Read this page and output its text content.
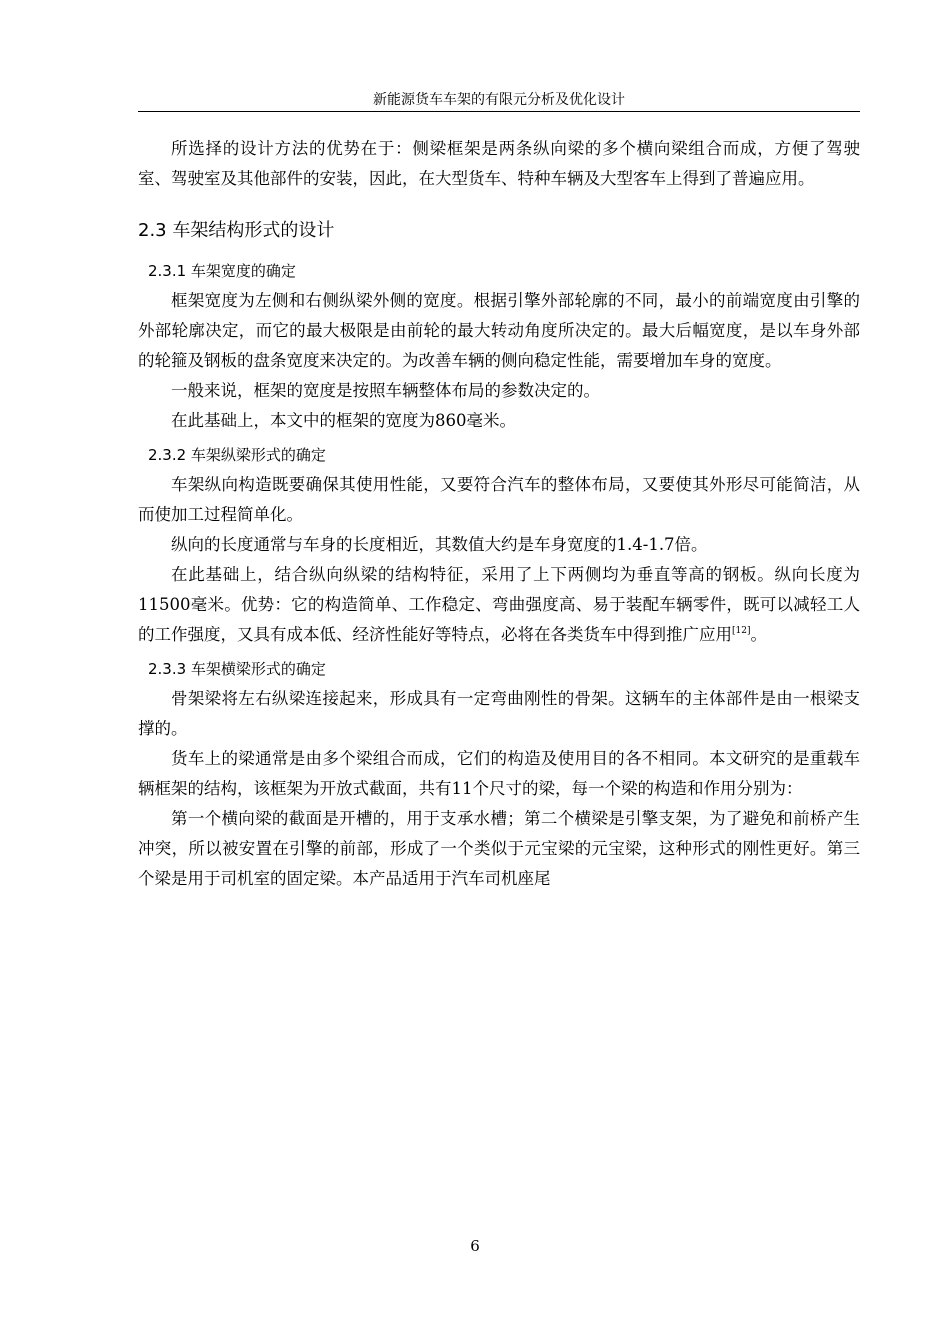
新能源货车车架的有限元分析及优化设计

所选择的设计方法的优势在于：侧梁框架是两条纵向梁的多个横向梁组合而成，方便了驾驶室、驾驶室及其他部件的安装，因此，在大型货车、特种车辆及大型客车上得到了普遍应用。

2.3 车架结构形式的设计
2.3.1 车架宽度的确定

框架宽度为左侧和右侧纵梁外侧的宽度。根据引擎外部轮廓的不同，最小的前端宽度由引擎的外部轮廓决定，而它的最大极限是由前轮的最大转动角度所决定的。最大后幅宽度，是以车身外部的轮箍及钢板的盘条宽度来决定的。为改善车辆的侧向稳定性能，需要增加车身的宽度。

一般来说，框架的宽度是按照车辆整体布局的参数决定的。

在此基础上，本文中的框架的宽度为860毫米。

2.3.2 车架纵梁形式的确定

车架纵向构造既要确保其使用性能，又要符合汽车的整体布局，又要使其外形尽可能简洁，从而使加工过程简单化。

纵向的长度通常与车身的长度相近，其数值大约是车身宽度的1.4-1.7倍。

在此基础上，结合纵向纵梁的结构特征，采用了上下两侧均为垂直等高的钢板。纵向长度为11500毫米。优势：它的构造简单、工作稳定、弯曲强度高、易于装配车辆零件，既可以减轻工人的工作强度，又具有成本低、经济性能好等特点，必将在各类货车中得到推广应用[12]。

2.3.3 车架横梁形式的确定

骨架梁将左右纵梁连接起来，形成具有一定弯曲刚性的骨架。这辆车的主体部件是由一根梁支撑的。

货车上的梁通常是由多个梁组合而成，它们的构造及使用目的各不相同。本文研究的是重载车辆框架的结构，该框架为开放式截面，共有11个尺寸的梁，每一个梁的构造和作用分别为：

第一个横向梁的截面是开槽的，用于支承水槽；第二个横梁是引擎支架，为了避免和前桥产生冲突，所以被安置在引擎的前部，形成了一个类似于元宝梁的元宝梁，这种形式的刚性更好。第三个梁是用于司机室的固定梁。本产品适用于汽车司机座尾

6
